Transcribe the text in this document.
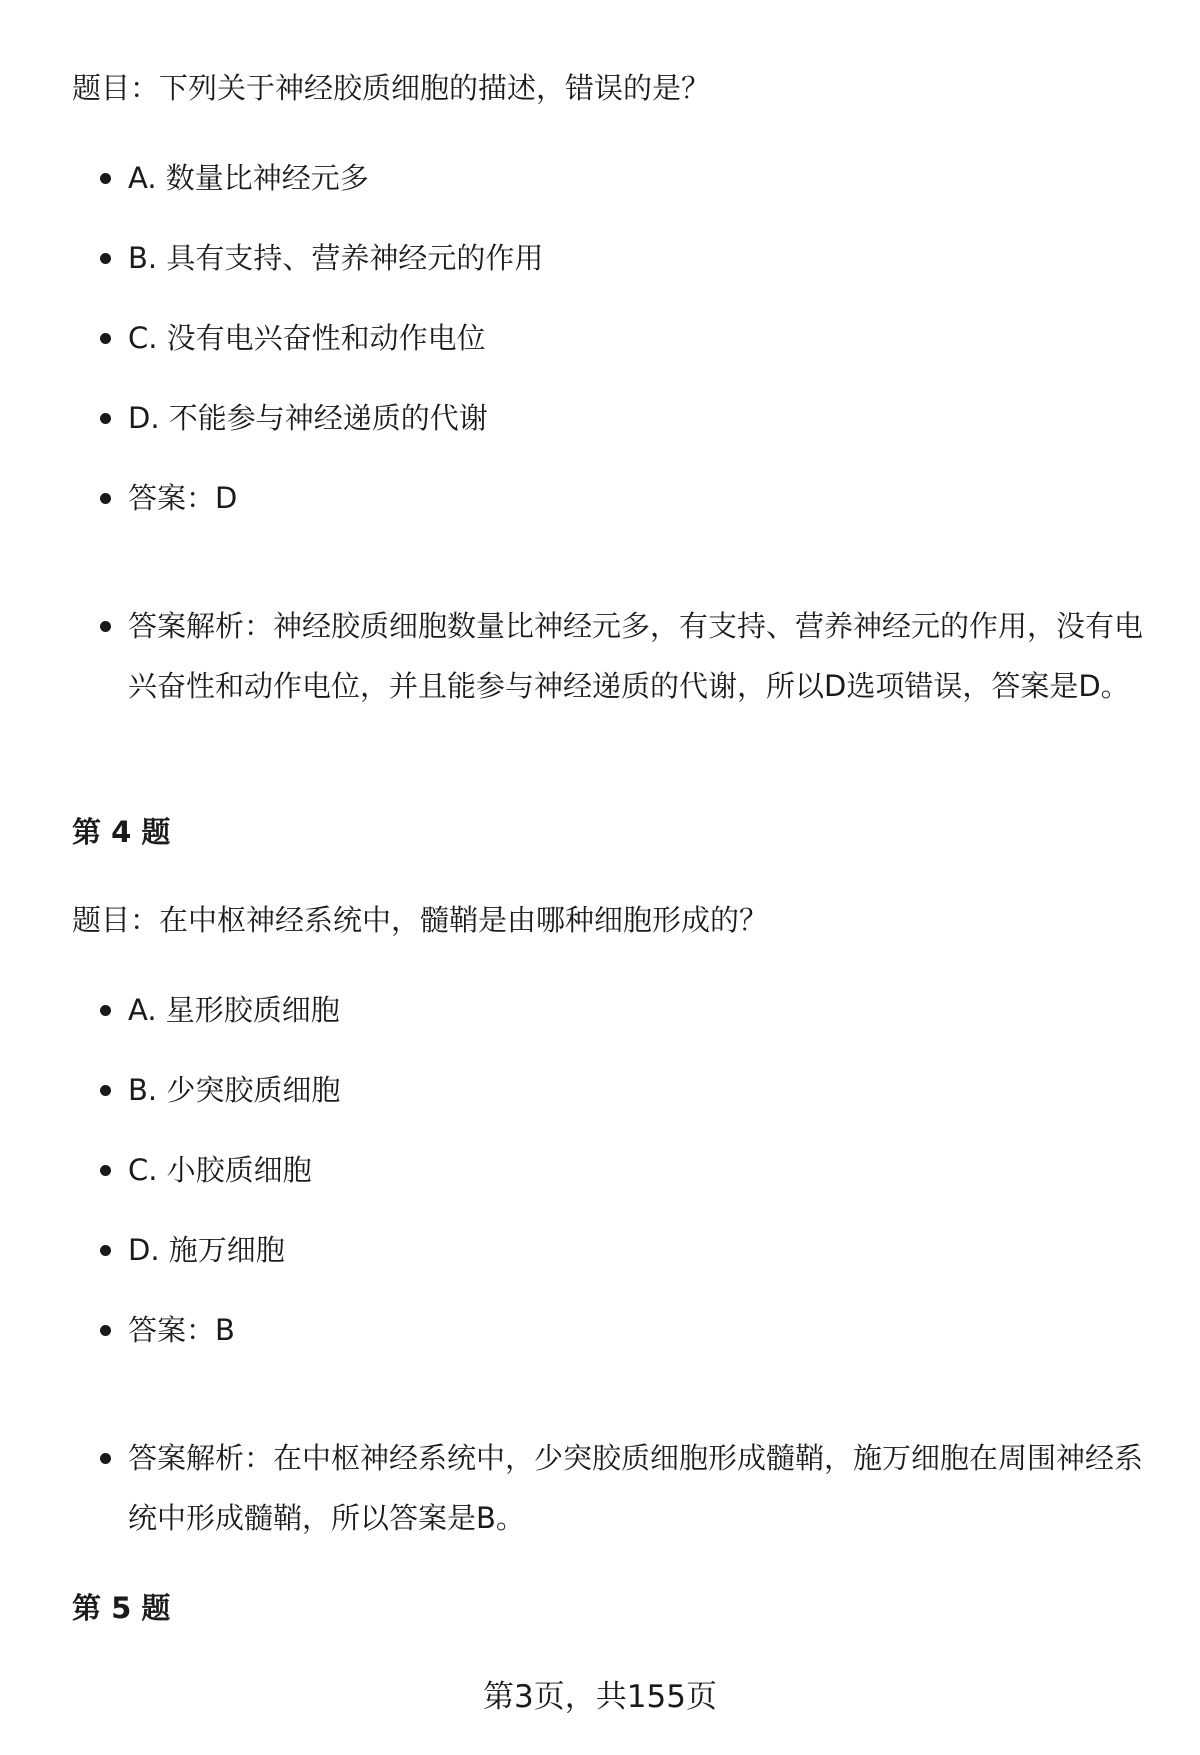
题目：下列关于神经胶质细胞的描述，错误的是？

A. 数量比神经元多
B. 具有支持、营养神经元的作用
C. 没有电兴奋性和动作电位
D. 不能参与神经递质的代谢
答案：D
答案解析：神经胶质细胞数量比神经元多，有支持、营养神经元的作用，没有电兴奋性和动作电位，并且能参与神经递质的代谢，所以D选项错误，答案是D。
第 4 题

题目：在中枢神经系统中，髓鞘是由哪种细胞形成的？

A. 星形胶质细胞
B. 少突胶质细胞
C. 小胶质细胞
D. 施万细胞
答案：B
答案解析：在中枢神经系统中，少突胶质细胞形成髓鞘，施万细胞在周围神经系统中形成髓鞘，所以答案是B。
第 5 题
第3页，共155页
